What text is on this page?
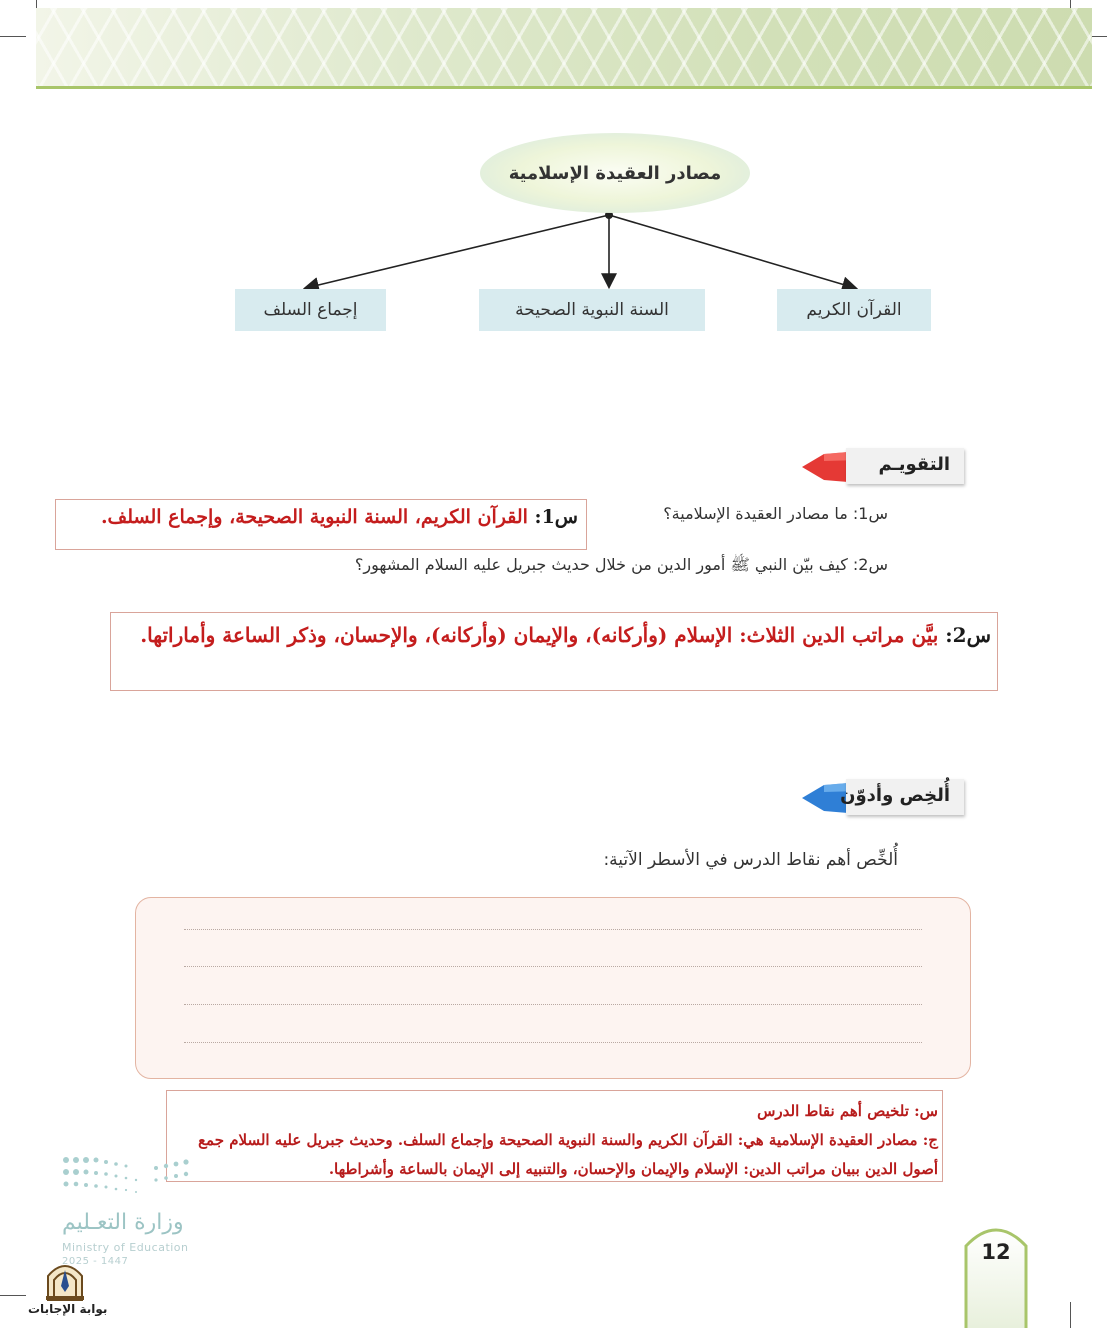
مصادر العقيدة الإسلامية
القرآن الكريم
السنة النبوية الصحيحة
إجماع السلف
التقويـم
س1: ما مصادر العقيدة الإسلامية؟
س1: القرآن الكريم، السنة النبوية الصحيحة، وإجماع السلف.
س2: كيف بيّن النبي ﷺ أمور الدين من خلال حديث جبريل عليه السلام المشهور؟
س2: بيَّن مراتب الدين الثلاث: الإسلام (وأركانه)، والإيمان (وأركانه)، والإحسان، وذكر الساعة وأماراتها.
أُلخِص وأدوّن
أُلخِّص أهم نقاط الدرس في الأسطر الآتية:
س: تلخيص أهم نقاط الدرس
ج: مصادر العقيدة الإسلامية هي: القرآن الكريم والسنة النبوية الصحيحة وإجماع السلف. وحديث جبريل عليه السلام جمع أصول الدين ببيان مراتب الدين: الإسلام والإيمان والإحسان، والتنبيه إلى الإيمان بالساعة وأشراطها.
وزارة التعـليم
Ministry of Education
2025 - 1447
بوابة الإجابات
12
